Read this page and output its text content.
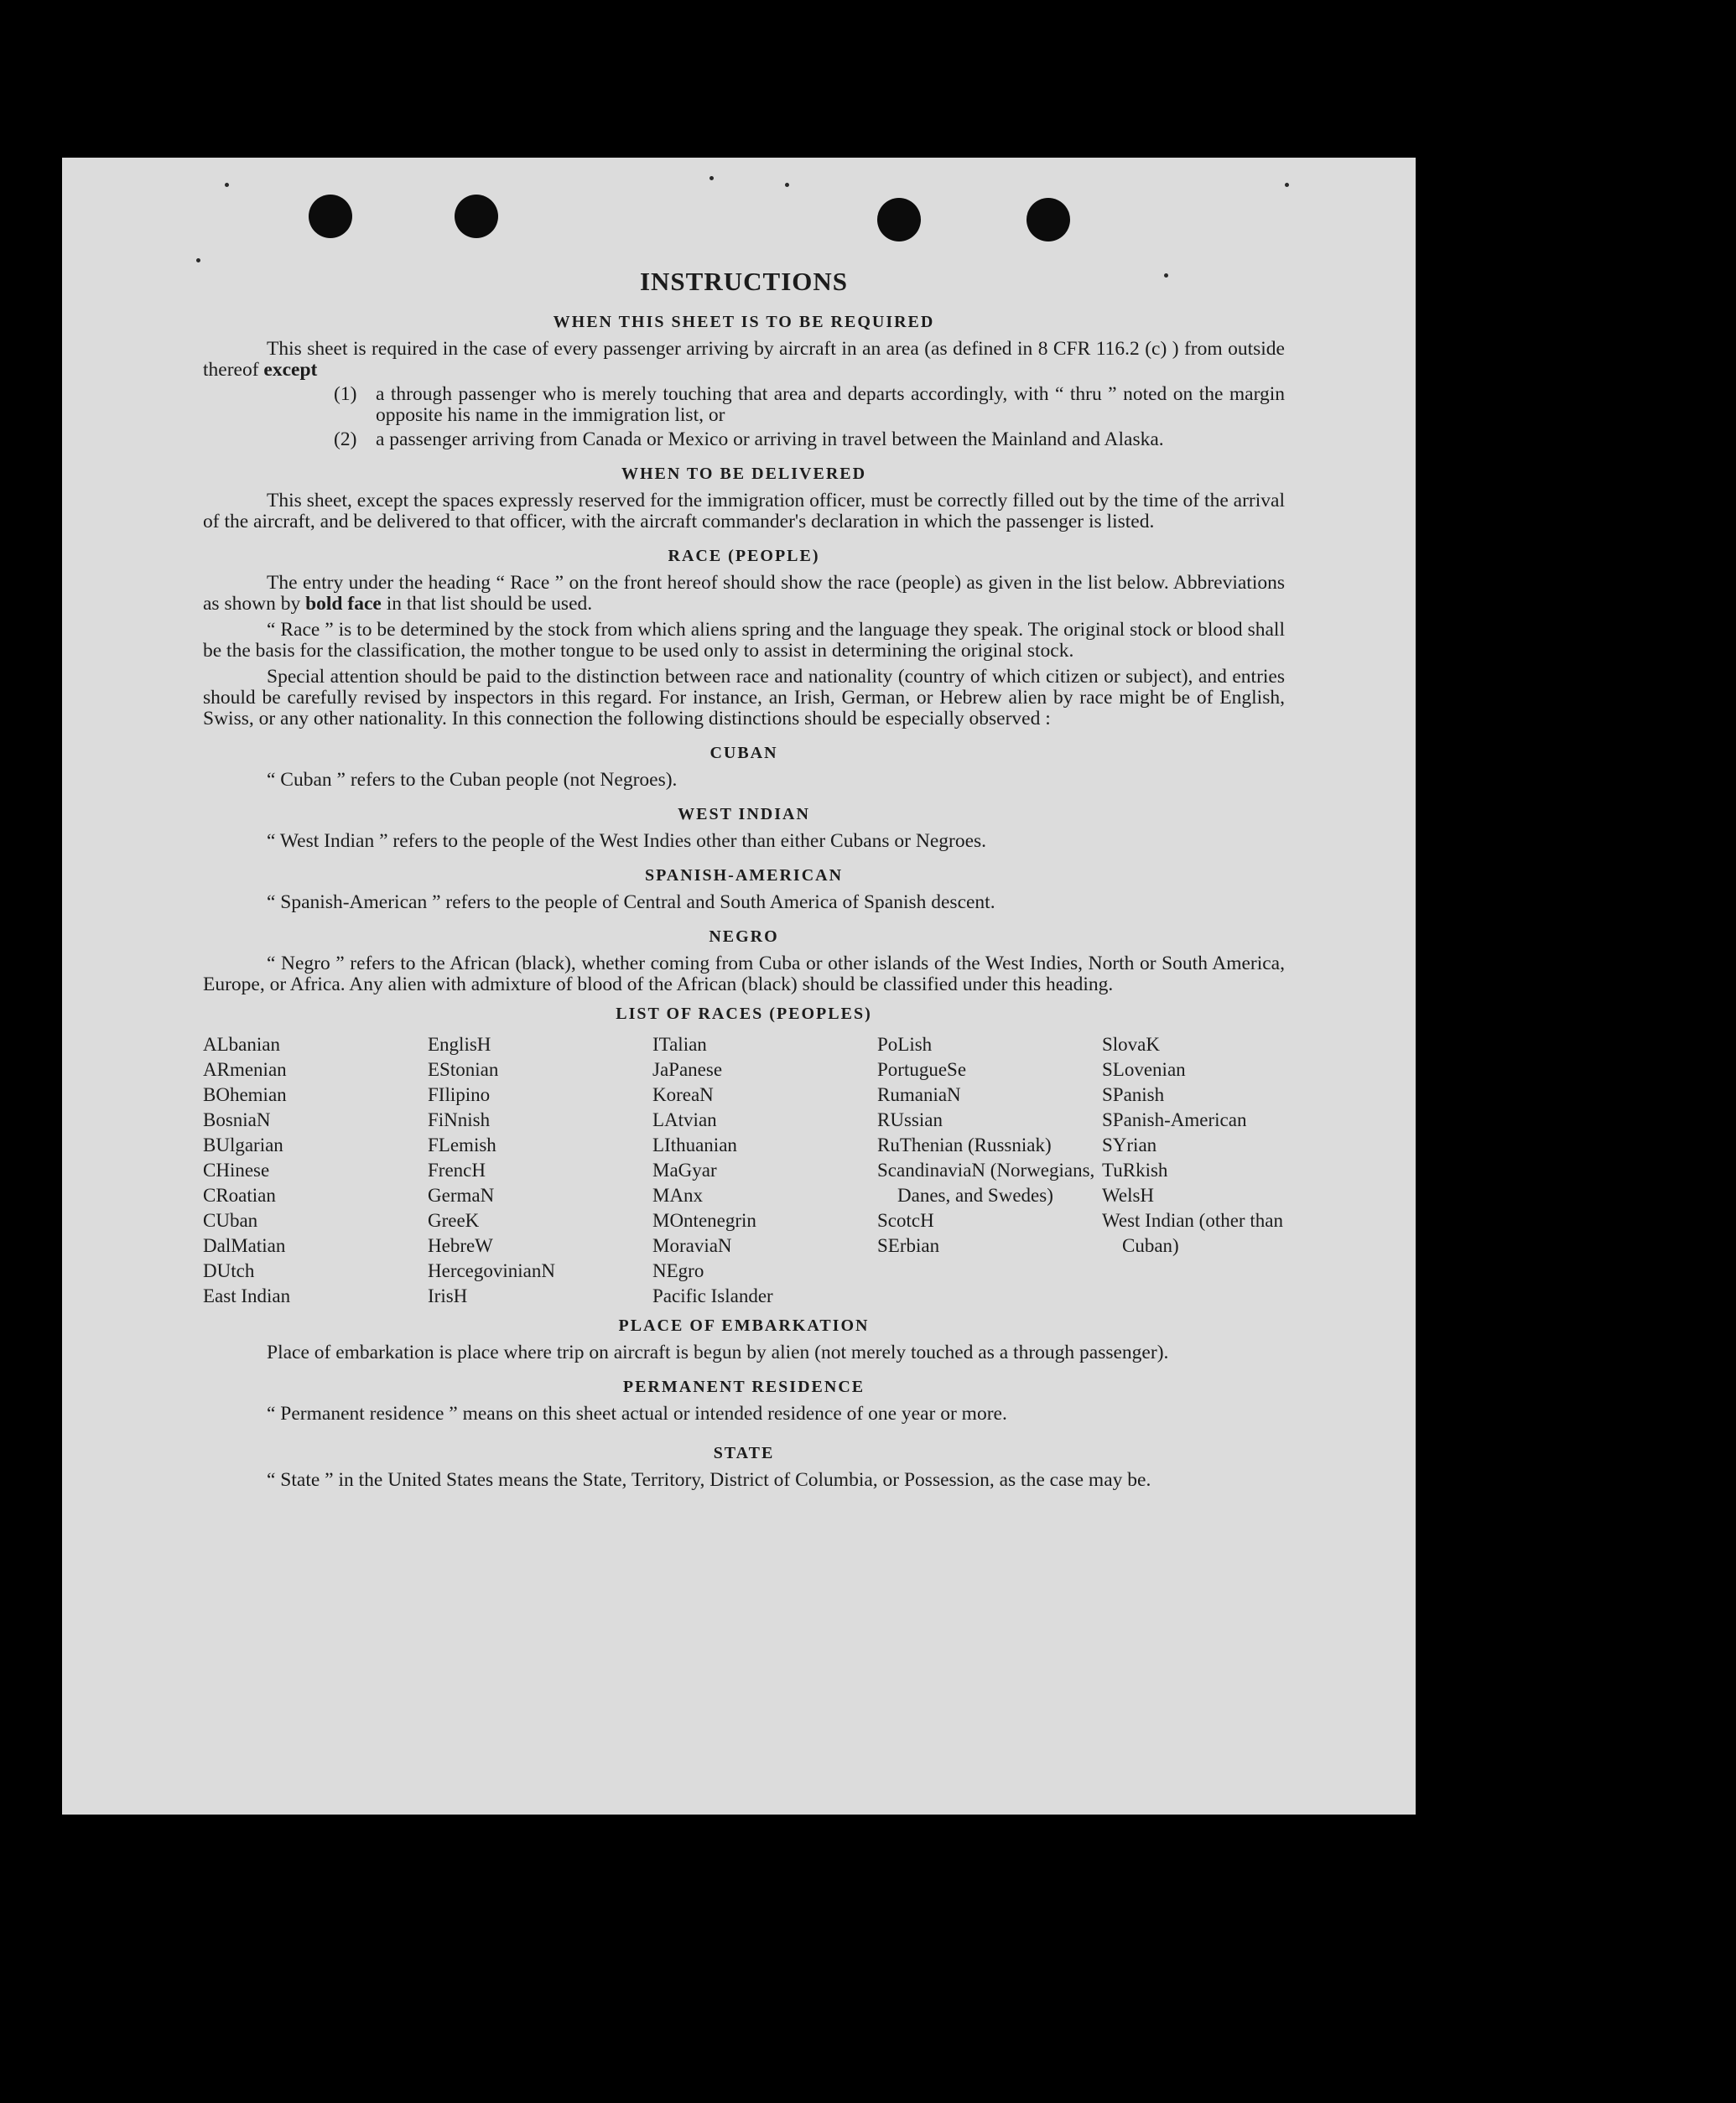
INSTRUCTIONS
WHEN THIS SHEET IS TO BE REQUIRED

This sheet is required in the case of every passenger arriving by aircraft in an area (as defined in 8 CFR 116.2 (c) ) from outside thereof except

(1) a through passenger who is merely touching that area and departs accordingly, with “ thru ” noted on the margin opposite his name in the immigration list, or
(2) a passenger arriving from Canada or Mexico or arriving in travel between the Mainland and Alaska.
WHEN TO BE DELIVERED

This sheet, except the spaces expressly reserved for the immigration officer, must be correctly filled out by the time of the arrival of the aircraft, and be delivered to that officer, with the aircraft commander's declaration in which the passenger is listed.

RACE (PEOPLE)

The entry under the heading “ Race ” on the front hereof should show the race (people) as given in the list below. Abbreviations as shown by bold face in that list should be used.

“ Race ” is to be determined by the stock from which aliens spring and the language they speak. The original stock or blood shall be the basis for the classification, the mother tongue to be used only to assist in determining the original stock.

Special attention should be paid to the distinction between race and nationality (country of which citizen or subject), and entries should be carefully revised by inspectors in this regard. For instance, an Irish, German, or Hebrew alien by race might be of English, Swiss, or any other nationality. In this connection the following distinctions should be especially observed :

CUBAN

“ Cuban ” refers to the Cuban people (not Negroes).

WEST INDIAN

“ West Indian ” refers to the people of the West Indies other than either Cubans or Negroes.

SPANISH-AMERICAN

“ Spanish-American ” refers to the people of Central and South America of Spanish descent.

NEGRO

“ Negro ” refers to the African (black), whether coming from Cuba or other islands of the West Indies, North or South America, Europe, or Africa. Any alien with admixture of blood of the African (black) should be classified under this heading.

LIST OF RACES (PEOPLES)
ALbanian
ARmenian
BOhemian
BosniaN
BUlgarian
CHinese
CRoatian
CUban
DalMatian
DUtch
East Indian
EnglisH
EStonian
FIlipino
FiNnish
FLemish
FrencH
GermaN
GreeK
HebreW
HercegovinianN
IrisH
ITalian
JaPanese
KoreaN
LAtvian
LIthuanian
MaGyar
MAnx
MOntenegrin
MoraviaN
NEgro
Pacific Islander
PoLish
PortugueSe
RumaniaN
RUssian
RuThenian (Russniak)
ScandinaviaN (Norwegians, Danes, and Swedes)
ScotcH
SErbian
SlovaK
SLovenian
SPanish
SPanish-American
SYrian
TuRkish
WelsH
West Indian (other than Cuban)
PLACE OF EMBARKATION

Place of embarkation is place where trip on aircraft is begun by alien (not merely touched as a through passenger).

PERMANENT RESIDENCE

“ Permanent residence ” means on this sheet actual or intended residence of one year or more.

STATE

“ State ” in the United States means the State, Territory, District of Columbia, or Possession, as the case may be.
